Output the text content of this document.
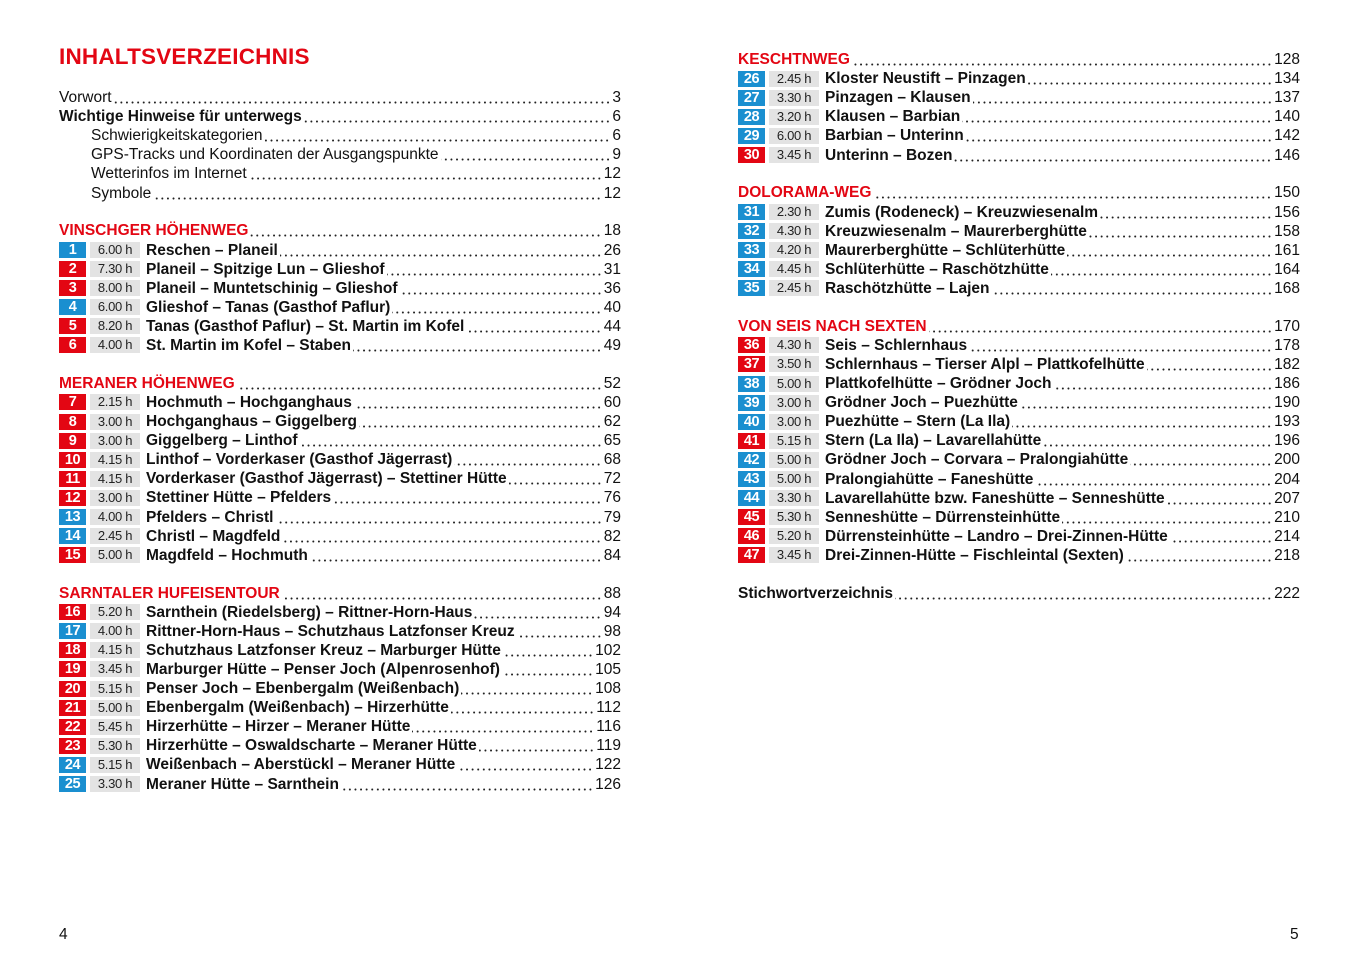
INHALTSVERZEICHNIS
Vorwort	3
Wichtige Hinweise für unterwegs	6
Schwierigkeitskategorien	6
GPS-Tracks und Koordinaten der Ausgangspunkte	9
Wetterinfos im Internet	12
Symbole	12
VINSCHGER HÖHENWEG	18
1	6.00 h Reschen – Planeil	26
2	7.30 h Planeil – Spitzige Lun – Glieshof	31
3	8.00 h Planeil – Muntetschinig – Glieshof	36
4	6.00 h Glieshof – Tanas (Gasthof Paflur)	40
5	8.20 h Tanas (Gasthof Paflur) – St. Martin im Kofel	44
6	4.00 h St. Martin im Kofel – Staben	49
MERANER HÖHENWEG	52
7	2.15 h Hochmuth – Hochganghaus	60
8	3.00 h Hochganghaus – Giggelberg	62
9	3.00 h Giggelberg – Linthof	65
10	4.15 h Linthof – Vorderkaser (Gasthof Jägerrast)	68
11	4.15 h Vorderkaser (Gasthof Jägerrast) – Stettiner Hütte	72
12	3.00 h Stettiner Hütte – Pfelders	76
13	4.00 h Pfelders – Christl	79
14	2.45 h Christl – Magdfeld	82
15	5.00 h Magdfeld – Hochmuth	84
SARNTALER HUFEISENTOUR	88
16	5.20 h Sarnthein (Riedelsberg) – Rittner-Horn-Haus	94
17	4.00 h Rittner-Horn-Haus – Schutzhaus Latzfonser Kreuz	98
18	4.15 h Schutzhaus Latzfonser Kreuz – Marburger Hütte	102
19	3.45 h Marburger Hütte – Penser Joch (Alpenrosenhof)	105
20	5.15 h Penser Joch – Ebenbergalm (Weißenbach)	108
21	5.00 h Ebenbergalm (Weißenbach) – Hirzerhütte	112
22	5.45 h Hirzerhütte – Hirzer – Meraner Hütte	116
23	5.30 h Hirzerhütte – Oswaldscharte – Meraner Hütte	119
24	5.15 h Weißenbach – Aberstückl – Meraner Hütte	122
25	3.30 h Meraner Hütte – Sarnthein	126
KESCHTNWEG	128
26	2.45 h Kloster Neustift – Pinzagen	134
27	3.30 h Pinzagen – Klausen	137
28	3.20 h Klausen – Barbian	140
29	6.00 h Barbian – Unterinn	142
30	3.45 h Unterinn – Bozen	146
DOLORAMA-WEG	150
31	2.30 h Zumis (Rodeneck) – Kreuzwiesenalm	156
32	4.30 h Kreuzwiesenalm – Maurerberghütte	158
33	4.20 h Maurerberghütte – Schlüterhütte	161
34	4.45 h Schlüterhütte – Raschötzhütte	164
35	2.45 h Raschötzhütte – Lajen	168
VON SEIS NACH SEXTEN	170
36	4.30 h Seis – Schlernhaus	178
37	3.50 h Schlernhaus – Tierser Alpl – Plattkofelhütte	182
38	5.00 h Plattkofelhütte – Grödner Joch	186
39	3.00 h Grödner Joch – Puezhütte	190
40	3.00 h Puezhütte – Stern (La Ila)	193
41	5.15 h Stern (La Ila) – Lavarellahütte	196
42	5.00 h Grödner Joch – Corvara – Pralongiahütte	200
43	5.00 h Pralongiahütte – Faneshütte	204
44	3.30 h Lavarellahütte bzw. Faneshütte – Senneshütte	207
45	5.30 h Senneshütte – Dürrensteinhütte	210
46	5.20 h Dürrensteinhütte – Landro – Drei-Zinnen-Hütte	214
47	3.45 h Drei-Zinnen-Hütte – Fischleintal (Sexten)	218
Stichwortverzeichnis	222
4	5
